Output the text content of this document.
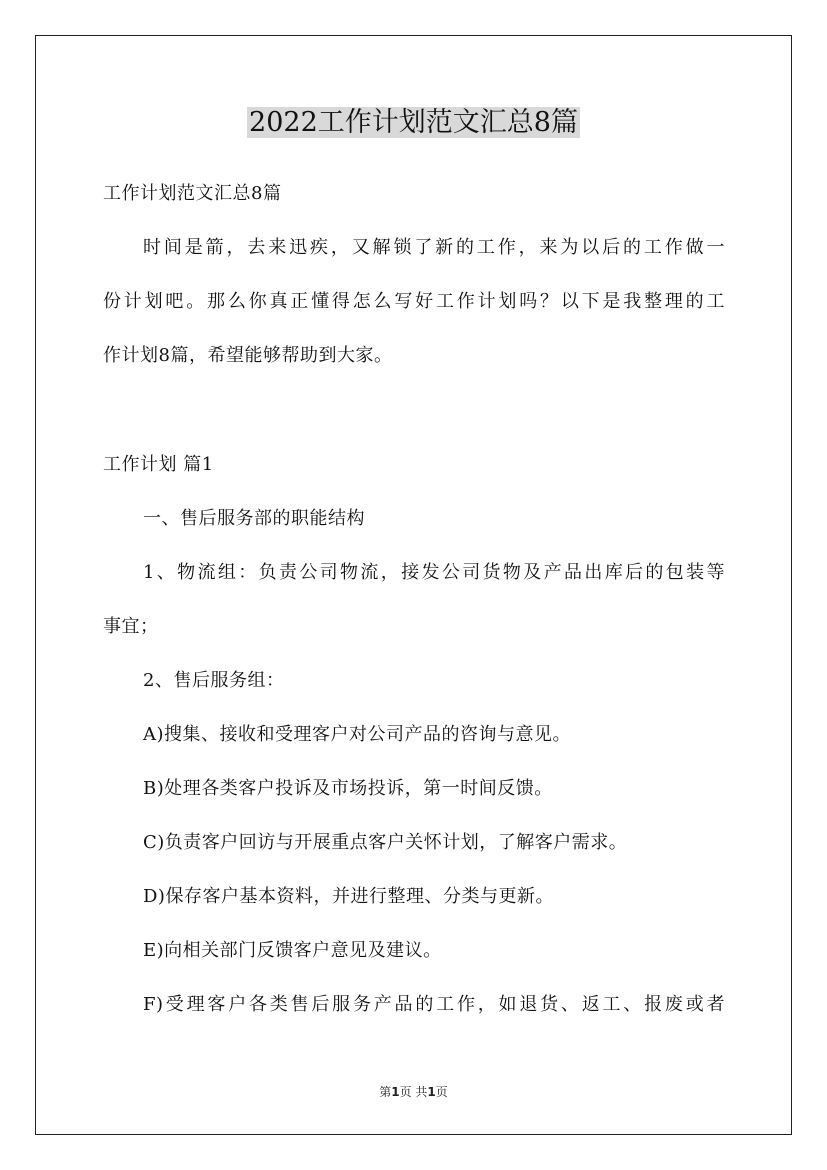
2022工作计划范文汇总8篇

工作计划范文汇总8篇

时间是箭，去来迅疾，又解锁了新的工作，来为以后的工作做一

份计划吧。那么你真正懂得怎么写好工作计划吗？以下是我整理的工

作计划8篇，希望能够帮助到大家。

工作计划 篇1

一、售后服务部的职能结构

1、物流组：负责公司物流，接发公司货物及产品出库后的包装等

事宜；

2、售后服务组：

A)搜集、接收和受理客户对公司产品的咨询与意见。

B)处理各类客户投诉及市场投诉，第一时间反馈。

C)负责客户回访与开展重点客户关怀计划，了解客户需求。

D)保存客户基本资料，并进行整理、分类与更新。

E)向相关部门反馈客户意见及建议。

F)受理客户各类售后服务产品的工作，如退货、返工、报废或者

第1页 共1页
